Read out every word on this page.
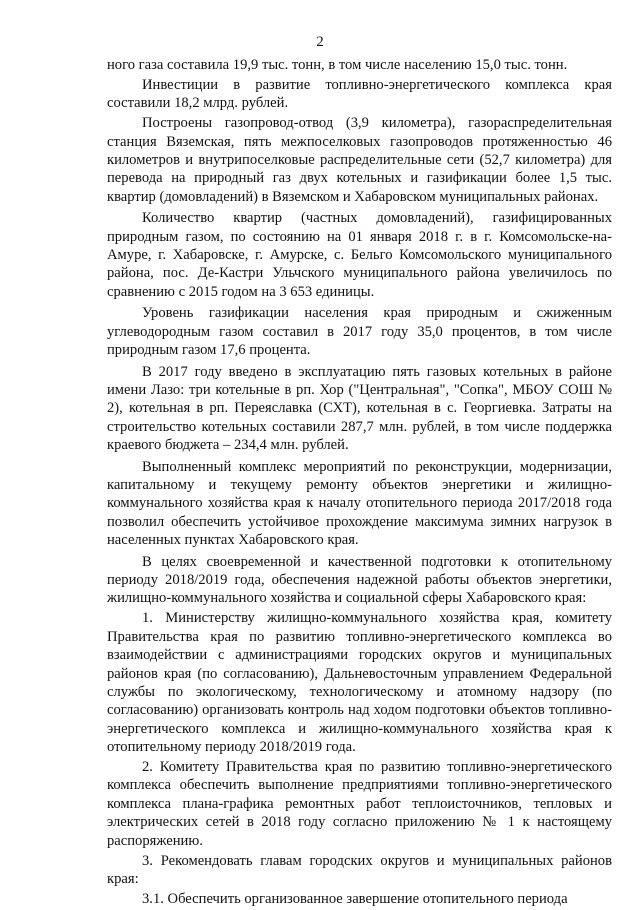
2

ного газа составила 19,9 тыс. тонн, в том числе населению 15,0 тыс. тонн.

Инвестиции в развитие топливно-энергетического комплекса края составили 18,2 млрд. рублей.

Построены газопровод-отвод (3,9 километра), газораспределительная станция Вяземская, пять межпоселковых газопроводов протяженностью 46 километров и внутрипоселковые распределительные сети (52,7 километра) для перевода на природный газ двух котельных и газификации более 1,5 тыс. квартир (домовладений) в Вяземском и Хабаровском муниципальных районах.

Количество квартир (частных домовладений), газифицированных природным газом, по состоянию на 01 января 2018 г. в г. Комсомольске-на-Амуре, г. Хабаровске, г. Амурске, с. Бельго Комсомольского муниципального района, пос. Де-Кастри Ульчского муниципального района увеличилось по сравнению с 2015 годом на 3 653 единицы.

Уровень газификации населения края природным и сжиженным углеводородным газом составил в 2017 году 35,0 процентов, в том числе природным газом 17,6 процента.

В 2017 году введено в эксплуатацию пять газовых котельных в районе имени Лазо: три котельные в рп. Хор ("Центральная", "Сопка", МБОУ СОШ № 2), котельная в рп. Переяславка (СХТ), котельная в с. Георгиевка. Затраты на строительство котельных составили 287,7 млн. рублей, в том числе поддержка краевого бюджета – 234,4 млн. рублей.

Выполненный комплекс мероприятий по реконструкции, модернизации, капитальному и текущему ремонту объектов энергетики и жилищно-коммунального хозяйства края к началу отопительного периода 2017/2018 года позволил обеспечить устойчивое прохождение максимума зимних нагрузок в населенных пунктах Хабаровского края.

В целях своевременной и качественной подготовки к отопительному периоду 2018/2019 года, обеспечения надежной работы объектов энергетики, жилищно-коммунального хозяйства и социальной сферы Хабаровского края:

1. Министерству жилищно-коммунального хозяйства края, комитету Правительства края по развитию топливно-энергетического комплекса во взаимодействии с администрациями городских округов и муниципальных районов края (по согласованию), Дальневосточным управлением Федеральной службы по экологическому, технологическому и атомному надзору (по согласованию) организовать контроль над ходом подготовки объектов топливно-энергетического комплекса и жилищно-коммунального хозяйства края к отопительному периоду 2018/2019 года.

2. Комитету Правительства края по развитию топливно-энергетического комплекса обеспечить выполнение предприятиями топливно-энергетического комплекса плана-графика ремонтных работ теплоисточников, тепловых и электрических сетей в 2018 году согласно приложению № 1 к настоящему распоряжению.

3. Рекомендовать главам городских округов и муниципальных районов края:

3.1. Обеспечить организованное завершение отопительного периода
